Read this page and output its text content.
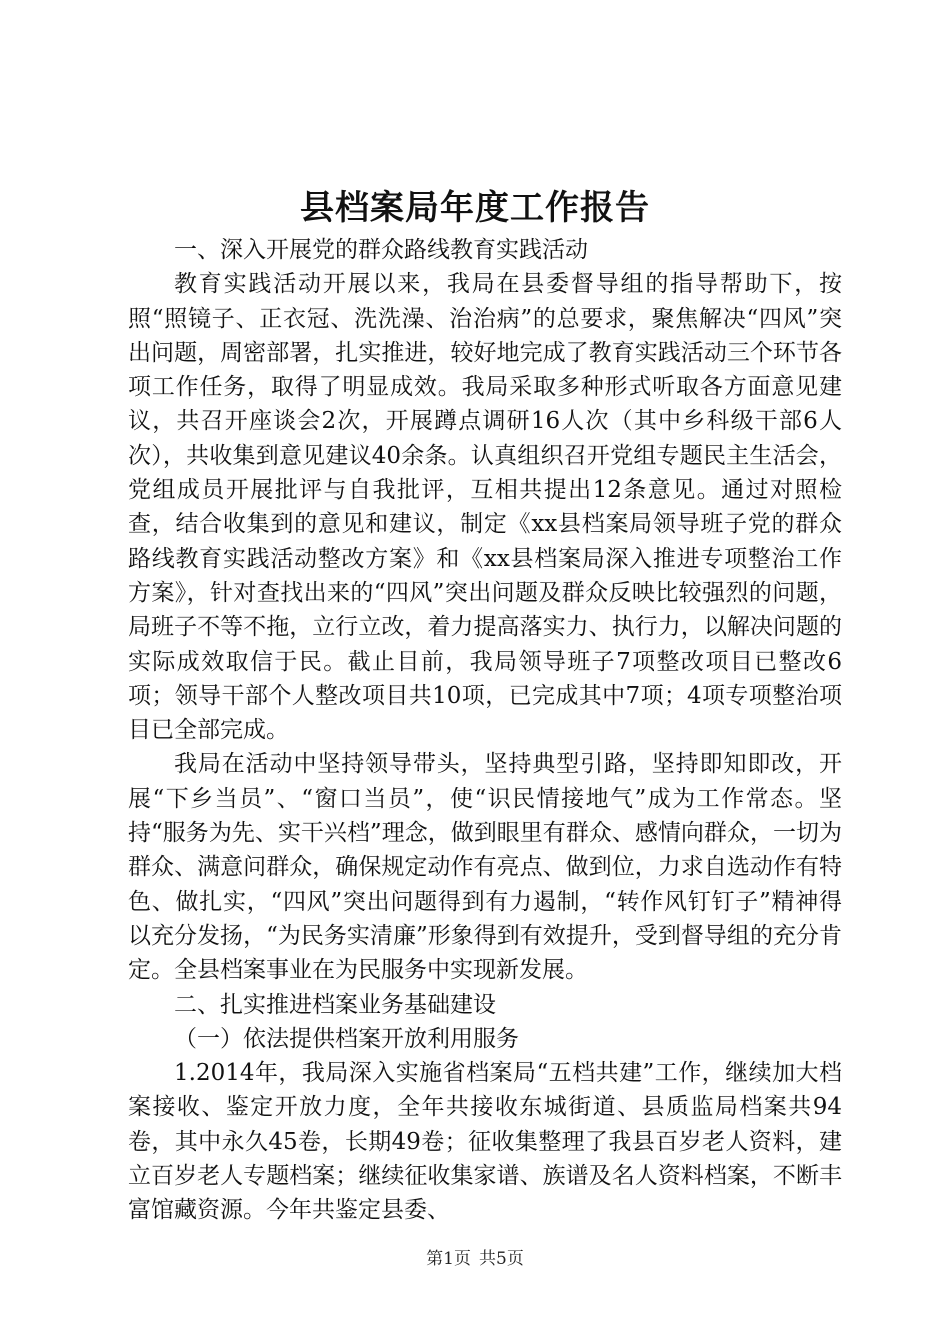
县档案局年度工作报告

一、深入开展党的群众路线教育实践活动

教育实践活动开展以来，我局在县委督导组的指导帮助下，按照“照镜子、正衣冠、洗洗澡、治治病”的总要求，聚焦解决“四风”突出问题，周密部署，扎实推进，较好地完成了教育实践活动三个环节各项工作任务，取得了明显成效。我局采取多种形式听取各方面意见建议，共召开座谈会2次，开展蹲点调研16人次（其中乡科级干部6人次），共收集到意见建议40余条。认真组织召开党组专题民主生活会，党组成员开展批评与自我批评，互相共提出12条意见。通过对照检查，结合收集到的意见和建议，制定《xx县档案局领导班子党的群众路线教育实践活动整改方案》和《xx县档案局深入推进专项整治工作方案》，针对查找出来的“四风”突出问题及群众反映比较强烈的问题，局班子不等不拖，立行立改，着力提高落实力、执行力，以解决问题的实际成效取信于民。截止目前，我局领导班子7项整改项目已整改6项；领导干部个人整改项目共10项，已完成其中7项；4项专项整治项目已全部完成。

我局在活动中坚持领导带头，坚持典型引路，坚持即知即改，开展“下乡当员”、“窗口当员”，使“识民情接地气”成为工作常态。坚持“服务为先、实干兴档”理念，做到眼里有群众、感情向群众，一切为群众、满意问群众，确保规定动作有亮点、做到位，力求自选动作有特色、做扎实，“四风”突出问题得到有力遏制，“转作风钉钉子”精神得以充分发扬，“为民务实清廉”形象得到有效提升，受到督导组的充分肯定。全县档案事业在为民服务中实现新发展。

二、扎实推进档案业务基础建设

（一）依法提供档案开放利用服务

1.2014年，我局深入实施省档案局“五档共建”工作，继续加大档案接收、鉴定开放力度，全年共接收东城街道、县质监局档案共94卷，其中永久45卷，长期49卷；征收集整理了我县百岁老人资料，建立百岁老人专题档案；继续征收集家谱、族谱及名人资料档案，不断丰富馆藏资源。今年共鉴定县委、

第1页 共5页
